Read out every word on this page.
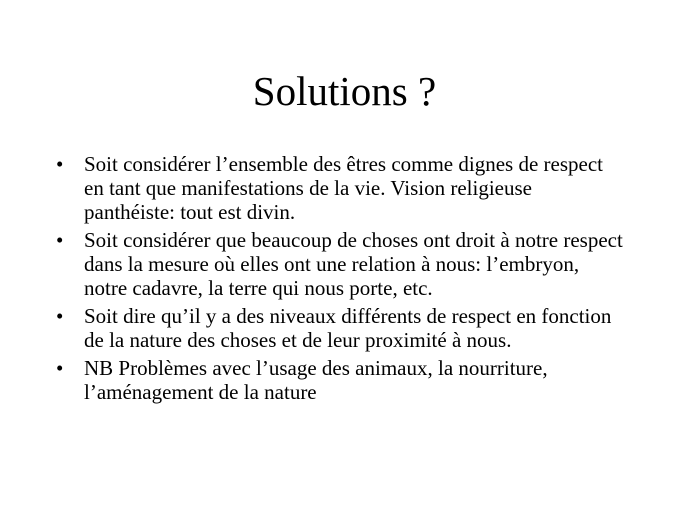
Solutions ?
• Soit considérer l’ensemble des êtres comme dignes de respect en tant que manifestations de la vie. Vision religieuse panthéiste: tout est divin.
• Soit considérer que beaucoup de choses ont droit à notre respect dans la mesure où elles ont une relation à nous: l’embryon, notre cadavre, la terre qui nous porte, etc.
• Soit dire qu’il y a des niveaux différents de respect en fonction de la nature des choses et de leur proximité à nous.
• NB Problèmes avec l’usage des animaux, la nourriture, l’aménagement de la nature
